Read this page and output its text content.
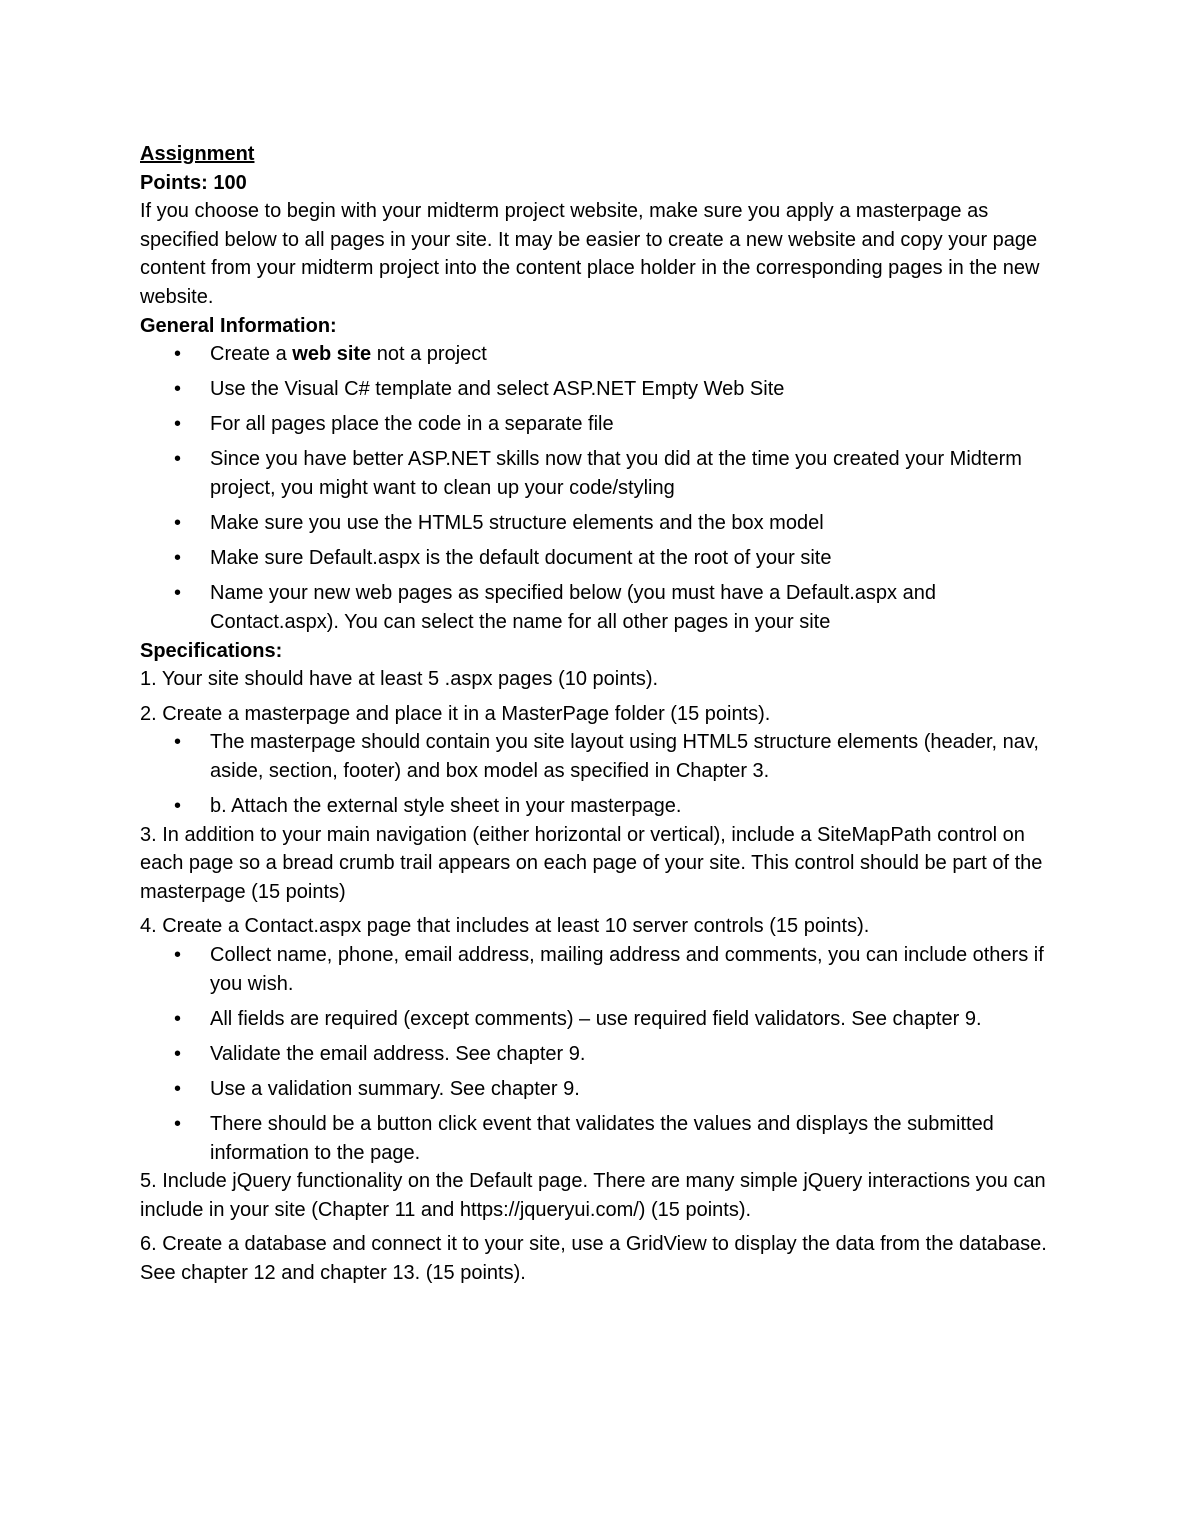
Assignment
Points: 100

If you choose to begin with your midterm project website, make sure you apply a masterpage as specified below to all pages in your site. It may be easier to create a new website and copy your page content from your midterm project into the content place holder in the corresponding pages in the new website.

General Information:
• Create a web site not a project
• Use the Visual C# template and select ASP.NET Empty Web Site
• For all pages place the code in a separate file
• Since you have better ASP.NET skills now that you did at the time you created your Midterm project, you might want to clean up your code/styling
• Make sure you use the HTML5 structure elements and the box model
• Make sure Default.aspx is the default document at the root of your site
• Name your new web pages as specified below (you must have a Default.aspx and Contact.aspx). You can select the name for all other pages in your site
Specifications:

1. Your site should have at least 5 .aspx pages (10 points).

2. Create a masterpage and place it in a MasterPage folder (15 points).

• The masterpage should contain you site layout using HTML5 structure elements (header, nav, aside, section, footer) and box model as specified in Chapter 3.
• b. Attach the external style sheet in your masterpage.

3. In addition to your main navigation (either horizontal or vertical), include a SiteMapPath control on each page so a bread crumb trail appears on each page of your site. This control should be part of the masterpage (15 points)

4. Create a Contact.aspx page that includes at least 10 server controls (15 points).

• Collect name, phone, email address, mailing address and comments, you can include others if you wish.
• All fields are required (except comments) – use required field validators. See chapter 9.
• Validate the email address. See chapter 9.
• Use a validation summary. See chapter 9.
• There should be a button click event that validates the values and displays the submitted information to the page.

5. Include jQuery functionality on the Default page. There are many simple jQuery interactions you can include in your site (Chapter 11 and https://jqueryui.com/) (15 points).

6. Create a database and connect it to your site, use a GridView to display the data from the database. See chapter 12 and chapter 13. (15 points).
